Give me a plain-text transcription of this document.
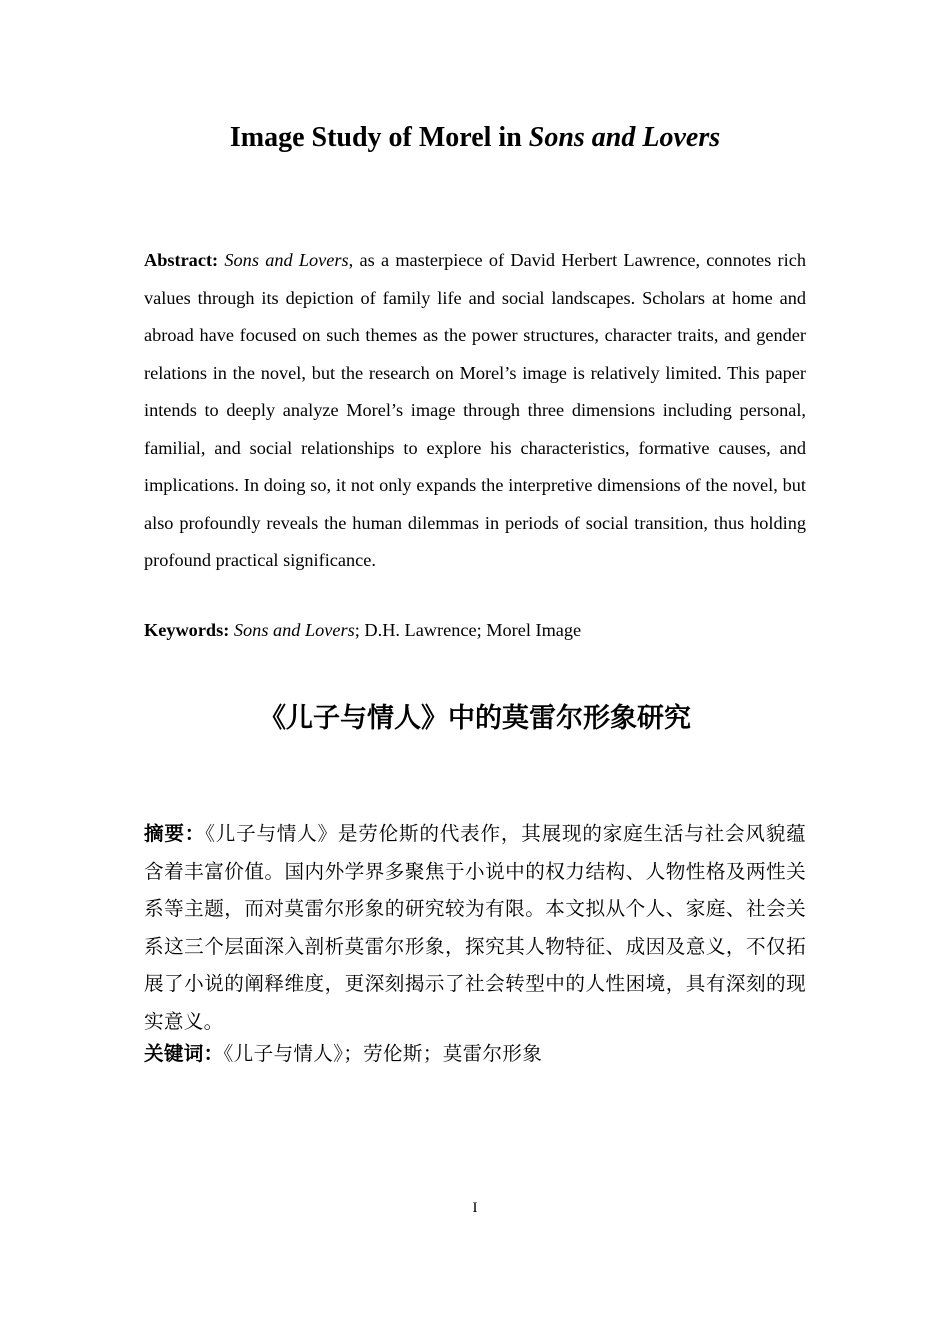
Image Study of Morel in Sons and Lovers

Abstract: Sons and Lovers, as a masterpiece of David Herbert Lawrence, connotes rich values through its depiction of family life and social landscapes. Scholars at home and abroad have focused on such themes as the power structures, character traits, and gender relations in the novel, but the research on Morel’s image is relatively limited. This paper intends to deeply analyze Morel’s image through three dimensions including personal, familial, and social relationships to explore his characteristics, formative causes, and implications. In doing so, it not only expands the interpretive dimensions of the novel, but also profoundly reveals the human dilemmas in periods of social transition, thus holding profound practical significance.

Keywords: Sons and Lovers; D.H. Lawrence; Morel Image

《儿子与情人》中的莫雷尔形象研究

摘要：《儿子与情人》是劳伦斯的代表作，其展现的家庭生活与社会风貌蕴含着丰富价值。国内外学界多聚焦于小说中的权力结构、人物性格及两性关系等主题，而对莫雷尔形象的研究较为有限。本文拟从个人、家庭、社会关系这三个层面深入剖析莫雷尔形象，探究其人物特征、成因及意义，不仅拓展了小说的阐释维度，更深刻揭示了社会转型中的人性困境，具有深刻的现实意义。

关键词：《儿子与情人》；劳伦斯；莫雷尔形象

I
